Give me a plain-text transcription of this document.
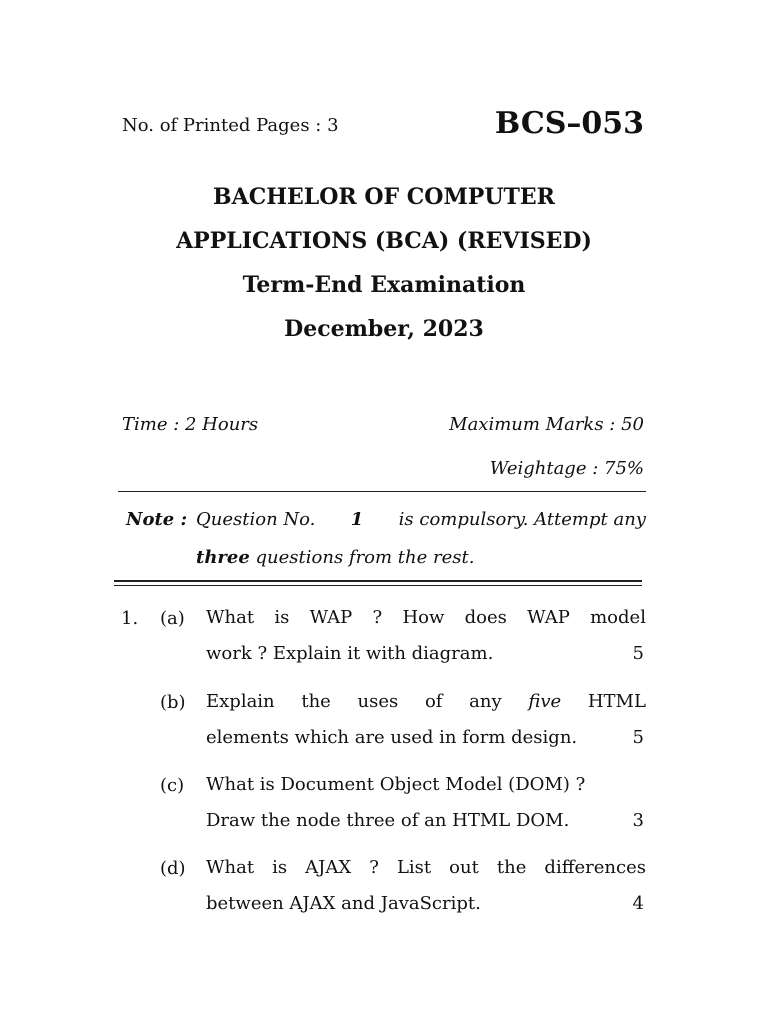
No. of Printed Pages : 3	BCS–053
BACHELOR OF COMPUTER
APPLICATIONS (BCA) (REVISED)
Term-End Examination
December, 2023
Time : 2 Hours	Maximum Marks : 50
Weightage : 75%
Note : Question No. 1 is compulsory. Attempt any
three questions from the rest.
1. (a) What is WAP ? How does WAP model
work ? Explain it with diagram.	5
(b) Explain the uses of any five HTML
elements which are used in form design.	5
(c) What is Document Object Model (DOM) ?
Draw the node three of an HTML DOM.	3
(d) What is AJAX ? List out the differences
between AJAX and JavaScript.	4
